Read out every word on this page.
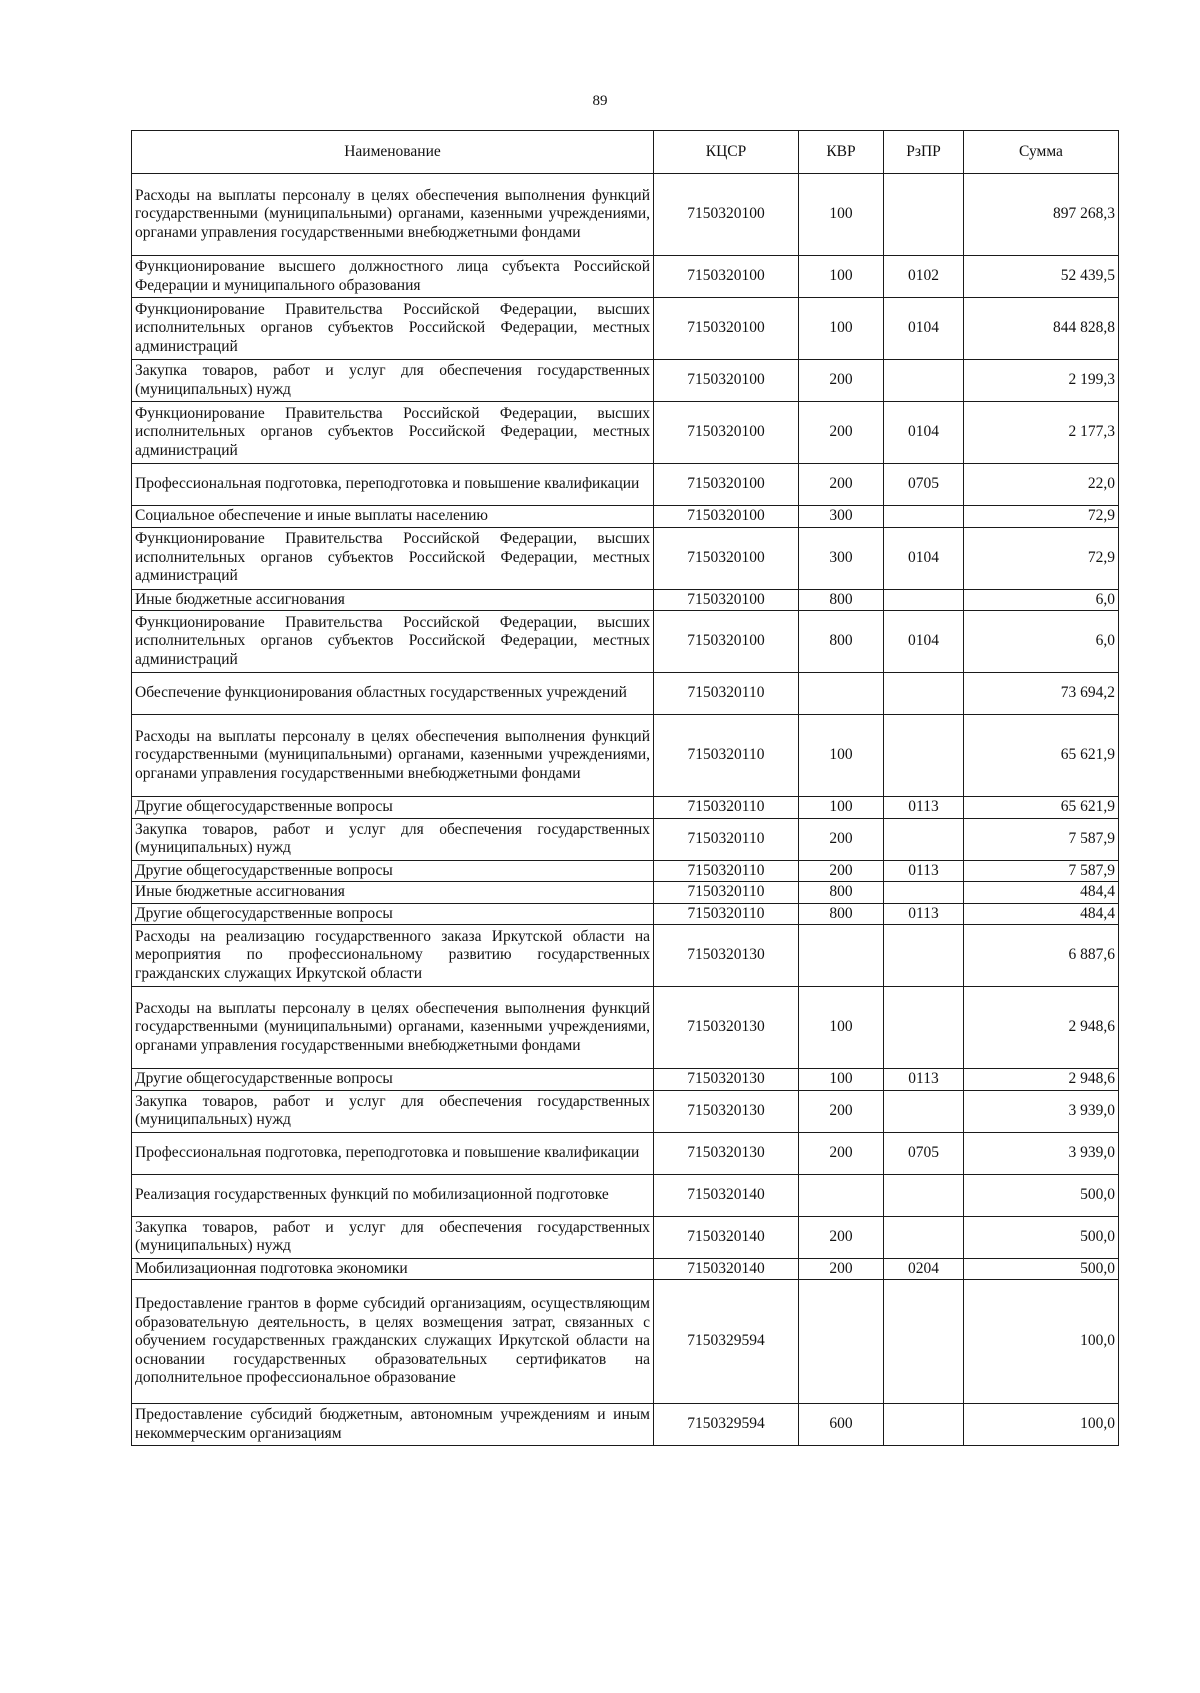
89
Наименование	КЦСР	КВР	РзПР	Сумма
Расходы на выплаты персоналу в целях обеспечения выполнения функций государственными (муниципальными) органами, казенными учреждениями, органами управления государственными внебюджетными фондами	7150320100	100		897 268,3
Функционирование высшего должностного лица субъекта Российской Федерации и муниципального образования	7150320100	100	0102	52 439,5
Функционирование Правительства Российской Федерации, высших исполнительных органов субъектов Российской Федерации, местных администраций	7150320100	100	0104	844 828,8
Закупка товаров, работ и услуг для обеспечения государственных (муниципальных) нужд	7150320100	200		2 199,3
Функционирование Правительства Российской Федерации, высших исполнительных органов субъектов Российской Федерации, местных администраций	7150320100	200	0104	2 177,3
Профессиональная подготовка, переподготовка и повышение квалификации	7150320100	200	0705	22,0
Социальное обеспечение и иные выплаты населению	7150320100	300		72,9
Функционирование Правительства Российской Федерации, высших исполнительных органов субъектов Российской Федерации, местных администраций	7150320100	300	0104	72,9
Иные бюджетные ассигнования	7150320100	800		6,0
Функционирование Правительства Российской Федерации, высших исполнительных органов субъектов Российской Федерации, местных администраций	7150320100	800	0104	6,0
Обеспечение функционирования областных государственных учреждений	7150320110			73 694,2
Расходы на выплаты персоналу в целях обеспечения выполнения функций государственными (муниципальными) органами, казенными учреждениями, органами управления государственными внебюджетными фондами	7150320110	100		65 621,9
Другие общегосударственные вопросы	7150320110	100	0113	65 621,9
Закупка товаров, работ и услуг для обеспечения государственных (муниципальных) нужд	7150320110	200		7 587,9
Другие общегосударственные вопросы	7150320110	200	0113	7 587,9
Иные бюджетные ассигнования	7150320110	800		484,4
Другие общегосударственные вопросы	7150320110	800	0113	484,4
Расходы на реализацию государственного заказа Иркутской области на мероприятия по профессиональному развитию государственных гражданских служащих Иркутской области	7150320130			6 887,6
Расходы на выплаты персоналу в целях обеспечения выполнения функций государственными (муниципальными) органами, казенными учреждениями, органами управления государственными внебюджетными фондами	7150320130	100		2 948,6
Другие общегосударственные вопросы	7150320130	100	0113	2 948,6
Закупка товаров, работ и услуг для обеспечения государственных (муниципальных) нужд	7150320130	200		3 939,0
Профессиональная подготовка, переподготовка и повышение квалификации	7150320130	200	0705	3 939,0
Реализация государственных функций по мобилизационной подготовке	7150320140			500,0
Закупка товаров, работ и услуг для обеспечения государственных (муниципальных) нужд	7150320140	200		500,0
Мобилизационная подготовка экономики	7150320140	200	0204	500,0
Предоставление грантов в форме субсидий организациям, осуществляющим образовательную деятельность, в целях возмещения затрат, связанных с обучением государственных гражданских служащих Иркутской области на основании государственных образовательных сертификатов на дополнительное профессиональное образование	7150329594			100,0
Предоставление субсидий бюджетным, автономным учреждениям и иным некоммерческим организациям	7150329594	600		100,0
